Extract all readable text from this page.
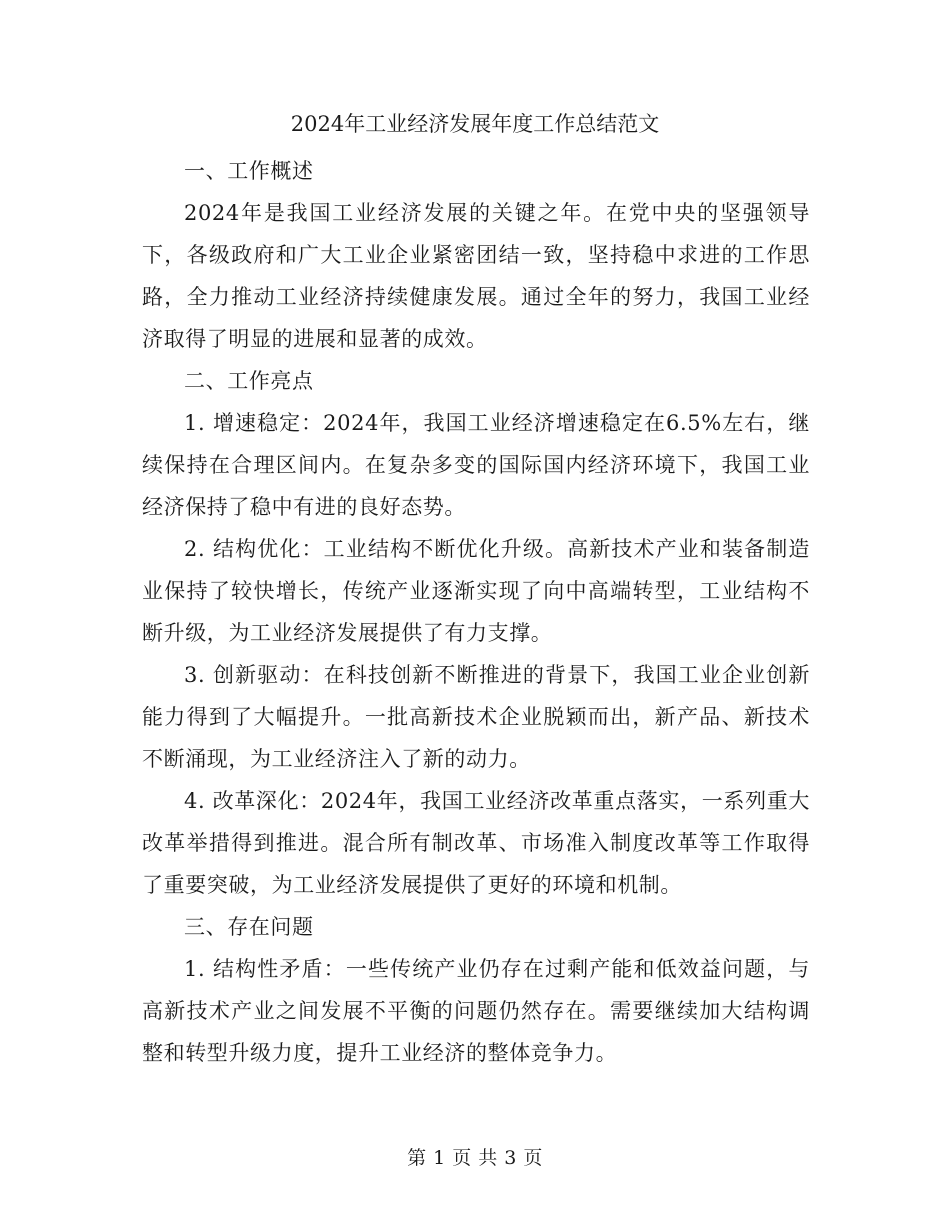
2024年工业经济发展年度工作总结范文

一、工作概述

2024年是我国工业经济发展的关键之年。在党中央的坚强领导下，各级政府和广大工业企业紧密团结一致，坚持稳中求进的工作思路，全力推动工业经济持续健康发展。通过全年的努力，我国工业经济取得了明显的进展和显著的成效。

二、工作亮点

1. 增速稳定：2024年，我国工业经济增速稳定在6.5%左右，继续保持在合理区间内。在复杂多变的国际国内经济环境下，我国工业经济保持了稳中有进的良好态势。

2. 结构优化：工业结构不断优化升级。高新技术产业和装备制造业保持了较快增长，传统产业逐渐实现了向中高端转型，工业结构不断升级，为工业经济发展提供了有力支撑。

3. 创新驱动：在科技创新不断推进的背景下，我国工业企业创新能力得到了大幅提升。一批高新技术企业脱颖而出，新产品、新技术不断涌现，为工业经济注入了新的动力。

4. 改革深化：2024年，我国工业经济改革重点落实，一系列重大改革举措得到推进。混合所有制改革、市场准入制度改革等工作取得了重要突破，为工业经济发展提供了更好的环境和机制。

三、存在问题

1. 结构性矛盾：一些传统产业仍存在过剩产能和低效益问题，与高新技术产业之间发展不平衡的问题仍然存在。需要继续加大结构调整和转型升级力度，提升工业经济的整体竞争力。

第 1 页 共 3 页
